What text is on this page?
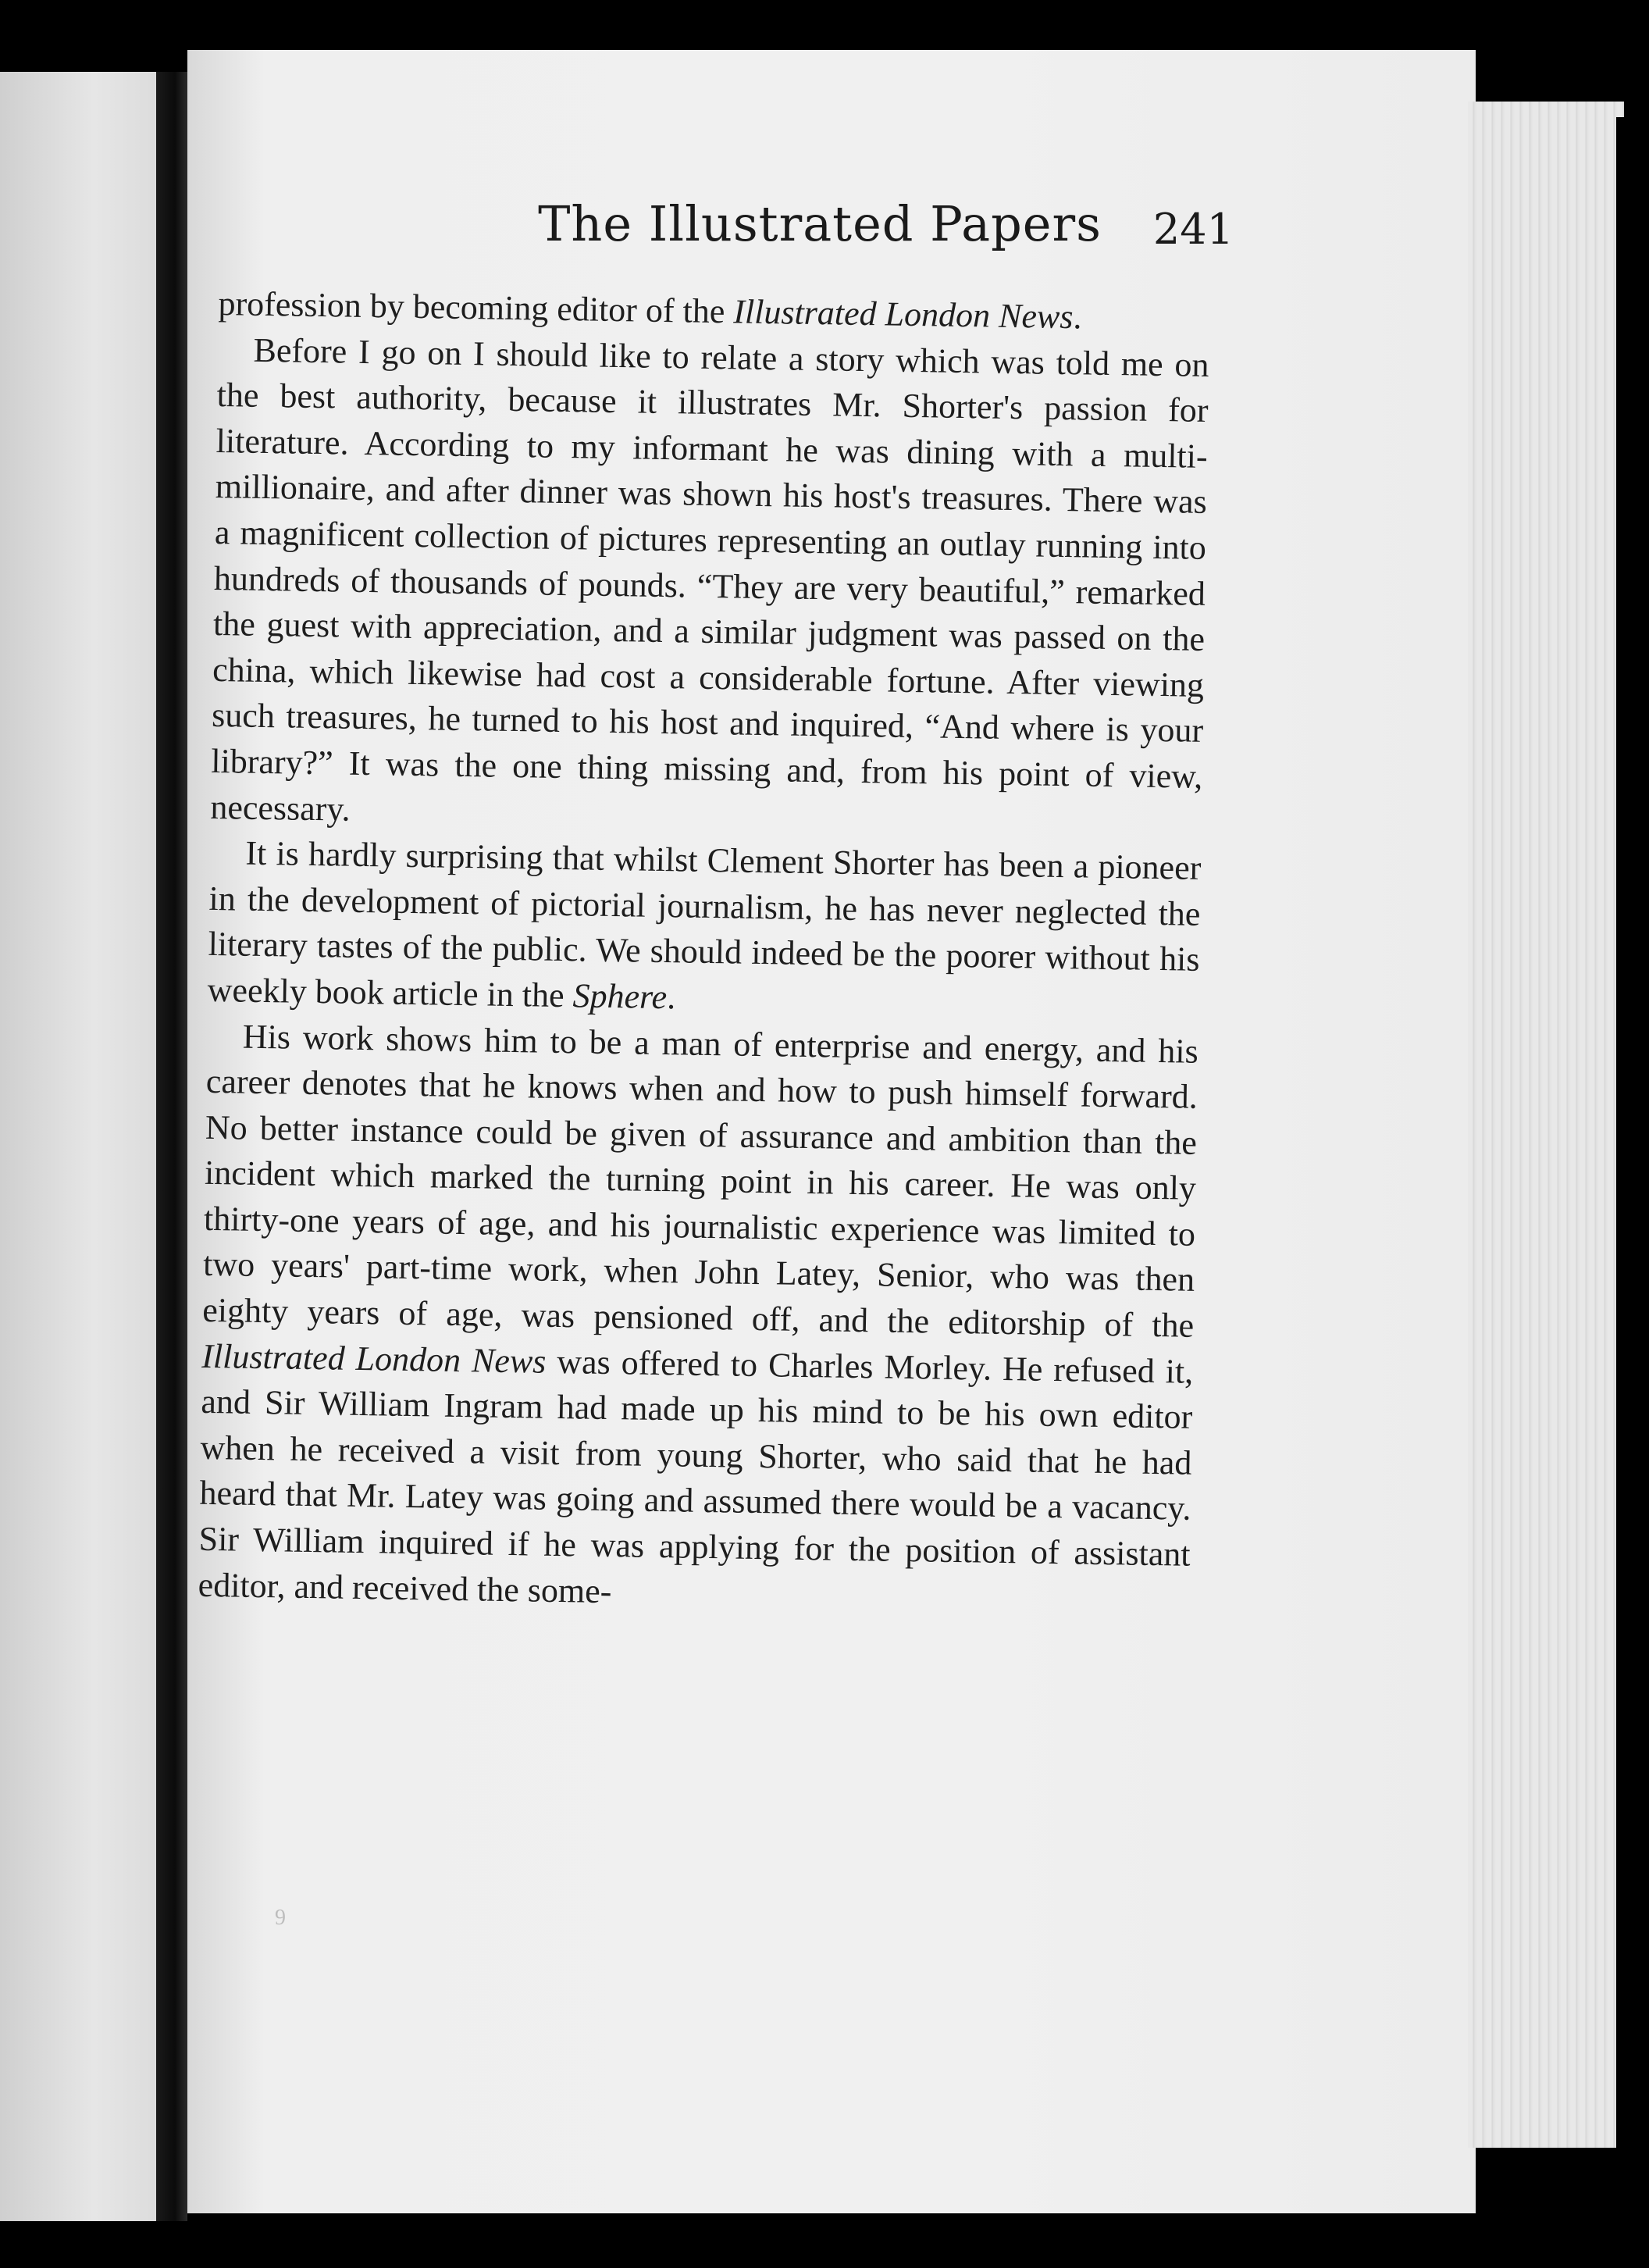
The Illustrated Papers	241

profession by becoming editor of the Illustrated London News.

Before I go on I should like to relate a story which was told me on the best authority, because it illustrates Mr. Shorter's passion for literature. According to my informant he was dining with a multi-millionaire, and after dinner was shown his host's treasures. There was a magnificent collection of pictures representing an outlay running into hundreds of thousands of pounds. “They are very beautiful,” remarked the guest with appreciation, and a similar judgment was passed on the china, which likewise had cost a considerable fortune. After viewing such treasures, he turned to his host and inquired, “And where is your library?” It was the one thing missing and, from his point of view, necessary.

It is hardly surprising that whilst Clement Shorter has been a pioneer in the development of pictorial journalism, he has never neglected the literary tastes of the public. We should indeed be the poorer without his weekly book article in the Sphere.

His work shows him to be a man of enterprise and energy, and his career denotes that he knows when and how to push himself forward. No better instance could be given of assurance and ambition than the incident which marked the turning point in his career. He was only thirty-one years of age, and his journalistic experience was limited to two years' part-time work, when John Latey, Senior, who was then eighty years of age, was pensioned off, and the editorship of the Illustrated London News was offered to Charles Morley. He refused it, and Sir William Ingram had made up his mind to be his own editor when he received a visit from young Shorter, who said that he had heard that Mr. Latey was going and assumed there would be a vacancy. Sir William inquired if he was applying for the position of assistant editor, and received the some-

9
